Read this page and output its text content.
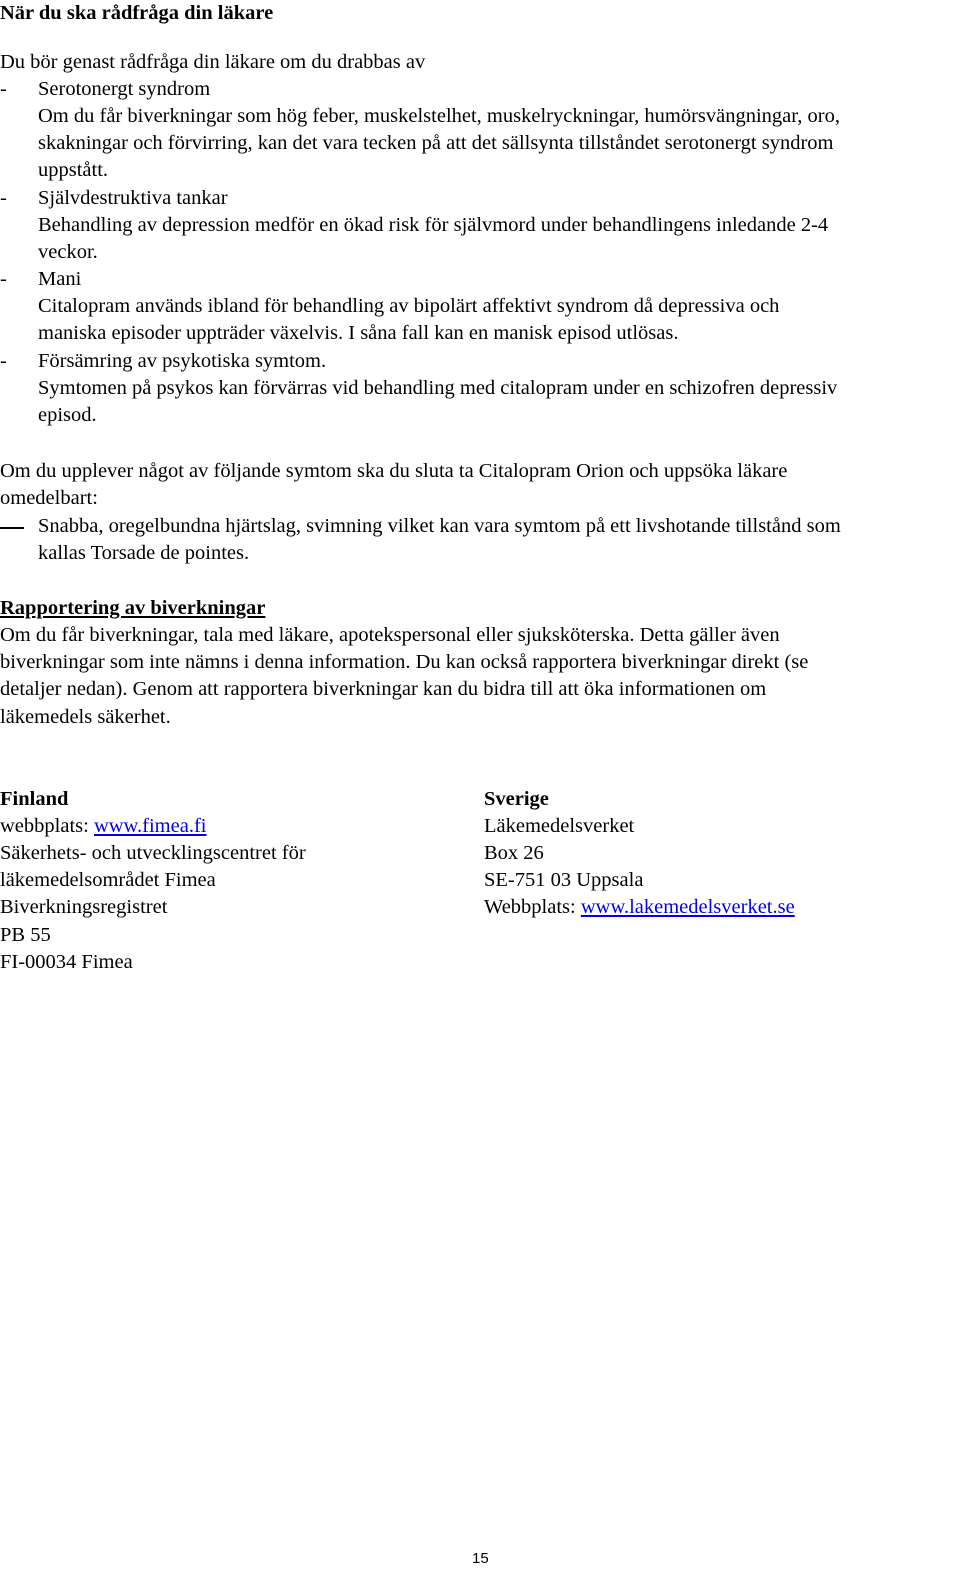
När du ska rådfråga din läkare
Du bör genast rådfråga din läkare om du drabbas av
- Serotonergt syndrom
Om du får biverkningar som hög feber, muskelstelhet, muskelryckningar, humörsvängningar, oro,
skakningar och förvirring, kan det vara tecken på att det sällsynta tillståndet serotonergt syndrom
uppstått.
- Självdestruktiva tankar
Behandling av depression medför en ökad risk för självmord under behandlingens inledande 2-4
veckor.
- Mani
Citalopram används ibland för behandling av bipolärt affektivt syndrom då depressiva och
maniska episoder uppträder växelvis. I såna fall kan en manisk episod utlösas.
- Försämring av psykotiska symtom.
Symtomen på psykos kan förvärras vid behandling med citalopram under en schizofren depressiv
episod.
Om du upplever något av följande symtom ska du sluta ta Citalopram Orion och uppsöka läkare
omedelbart:
Snabba, oregelbundna hjärtslag, svimning vilket kan vara symtom på ett livshotande tillstånd som
kallas Torsade de pointes.
Rapportering av biverkningar
Om du får biverkningar, tala med läkare, apotekspersonal eller sjuksköterska. Detta gäller även
biverkningar som inte nämns i denna information. Du kan också rapportera biverkningar direkt (se
detaljer nedan). Genom att rapportera biverkningar kan du bidra till att öka informationen om
läkemedels säkerhet.
Finland
webbplats: www.fimea.fi
Säkerhets- och utvecklingscentret för
läkemedelsområdet Fimea
Biverkningsregistret
PB 55
FI-00034 Fimea
Sverige
Läkemedelsverket
Box 26
SE-751 03 Uppsala
Webbplats: www.lakemedelsverket.se
15
